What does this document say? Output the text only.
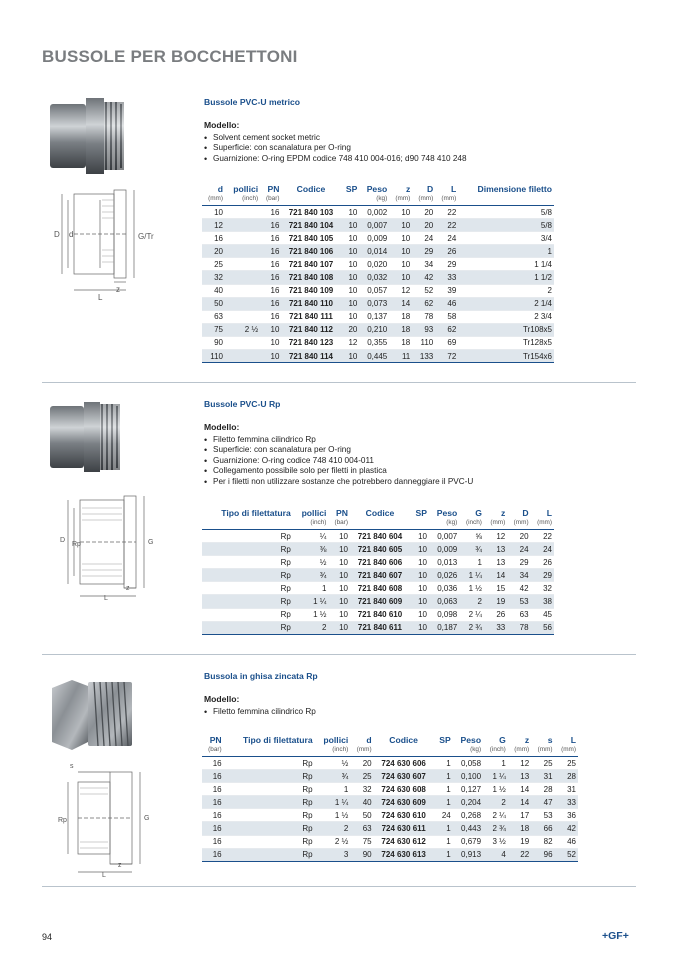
BUSSOLE PER BOCCHETTONI
D d	G/Tr
L
z
Bussole PVC-U metrico
Modello:
• Solvent cement socket metric
• Superficie: con scanalatura per O-ring
• Guarnizione: O-ring EPDM codice 748 410 004-016; d90 748 410 248
d	pollici	PN	Codice	SP	Peso	z	D	L	Dimensione filetto
(mm)	(inch)	(bar)			(kg)	(mm)	(mm)	(mm)	
10		16	721 840 103	10	0,002	10	20	22	5/8
12		16	721 840 104	10	0,007	10	20	22	5/8
16		16	721 840 105	10	0,009	10	24	24	3/4
20		16	721 840 106	10	0,014	10	29	26	1
25		16	721 840 107	10	0,020	10	34	29	1 1/4
32		16	721 840 108	10	0,032	10	42	33	1 1/2
40		16	721 840 109	10	0,057	12	52	39	2
50		16	721 840 110	10	0,073	14	62	46	2 1/4
63		16	721 840 111	10	0,137	18	78	58	2 3/4
75	2 ½	10	721 840 112	20	0,210	18	93	62	Tr108x5
90		10	721 840 123	12	0,355	18	110	69	Tr128x5
110		10	721 840 114	10	0,445	11	133	72	Tr154x6
D
Rp	G
L
z
Bussole PVC-U Rp
Modello:
• Filetto femmina cilindrico Rp
• Superficie: con scanalatura per O-ring
• Guarnizione: O-ring codice 748 410 004-011
• Collegamento possibile solo per filetti in plastica
• Per i filetti non utilizzare sostanze che potrebbero danneggiare il PVC-U
Tipo di filettatura	pollici	PN	Codice	SP	Peso	G	z	D	L
	(inch)	(bar)			(kg)	(inch)	(mm)	(mm)	(mm)
Rp	¼	10	721 840 604	10	0,007	⅝	12	20	22
Rp	⅜	10	721 840 605	10	0,009	¾	13	24	24
Rp	½	10	721 840 606	10	0,013	1	13	29	26
Rp	¾	10	721 840 607	10	0,026	1 ¼	14	34	29
Rp	1	10	721 840 608	10	0,036	1 ½	15	42	32
Rp	1 ¼	10	721 840 609	10	0,063	2	19	53	38
Rp	1 ½	10	721 840 610	10	0,098	2 ¼	26	63	45
Rp	2	10	721 840 611	10	0,187	2 ¾	33	78	56
s
Rp	G
L
z
Bussola in ghisa zincata Rp
Modello:
• Filetto femmina cilindrico Rp
PN	Tipo di filettatura	pollici	d	Codice	SP	Peso	G	z	s	L
(bar)		(inch)	(mm)			(kg)	(inch)	(mm)	(mm)	(mm)
16	Rp	½	20	724 630 606	1	0,058	1	12	25	25
16	Rp	¾	25	724 630 607	1	0,100	1 ¼	13	31	28
16	Rp	1	32	724 630 608	1	0,127	1 ½	14	28	31
16	Rp	1 ¼	40	724 630 609	1	0,204	2	14	47	33
16	Rp	1 ½	50	724 630 610	24	0,268	2 ¼	17	53	36
16	Rp	2	63	724 630 611	1	0,443	2 ¾	18	66	42
16	Rp	2 ½	75	724 630 612	1	0,679	3 ½	19	82	46
16	Rp	3	90	724 630 613	1	0,913	4	22	96	52
94	+GF+
